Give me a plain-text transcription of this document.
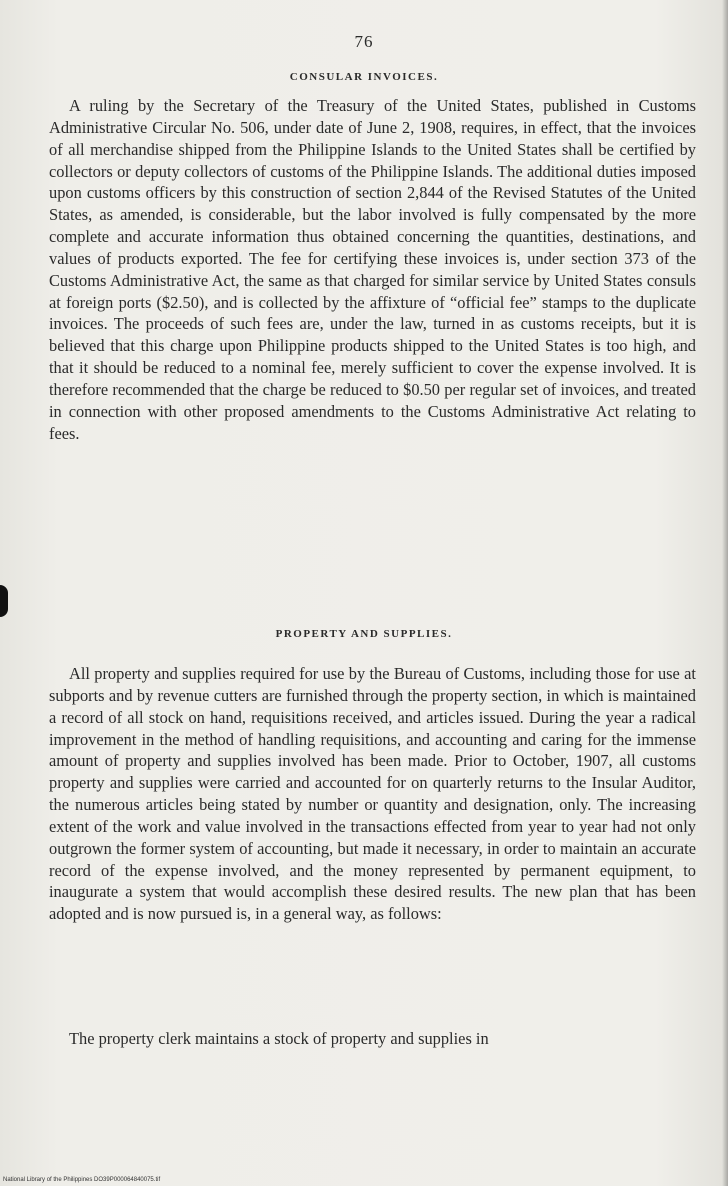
76
CONSULAR INVOICES.

A ruling by the Secretary of the Treasury of the United States, published in Customs Administrative Circular No. 506, under date of June 2, 1908, requires, in effect, that the invoices of all merchandise shipped from the Philippine Islands to the United States shall be certified by collectors or deputy collectors of customs of the Philippine Islands. The additional duties imposed upon customs officers by this construction of section 2,844 of the Revised Statutes of the United States, as amended, is considerable, but the labor involved is fully compensated by the more complete and accurate information thus obtained concerning the quantities, destinations, and values of products exported. The fee for certifying these invoices is, under section 373 of the Customs Administrative Act, the same as that charged for similar service by United States consuls at foreign ports ($2.50), and is collected by the affixture of “official fee” stamps to the duplicate invoices. The proceeds of such fees are, under the law, turned in as customs receipts, but it is believed that this charge upon Philippine products shipped to the United States is too high, and that it should be reduced to a nominal fee, merely sufficient to cover the expense involved. It is therefore recommended that the charge be reduced to $0.50 per regular set of invoices, and treated in connection with other proposed amendments to the Customs Administrative Act relating to fees.

PROPERTY AND SUPPLIES.

All property and supplies required for use by the Bureau of Customs, including those for use at subports and by revenue cutters are furnished through the property section, in which is maintained a record of all stock on hand, requisitions received, and articles issued. During the year a radical improvement in the method of handling requisitions, and accounting and caring for the immense amount of property and supplies involved has been made. Prior to October, 1907, all customs property and supplies were carried and accounted for on quarterly returns to the Insular Auditor, the numerous articles being stated by number or quantity and designation, only. The increasing extent of the work and value involved in the transactions effected from year to year had not only outgrown the former system of accounting, but made it necessary, in order to maintain an accurate record of the expense involved, and the money represented by permanent equipment, to inaugurate a system that would accomplish these desired results. The new plan that has been adopted and is now pursued is, in a general way, as follows:

The property clerk maintains a stock of property and supplies in

National Library of the Philippines DO39P000064840075.tif
